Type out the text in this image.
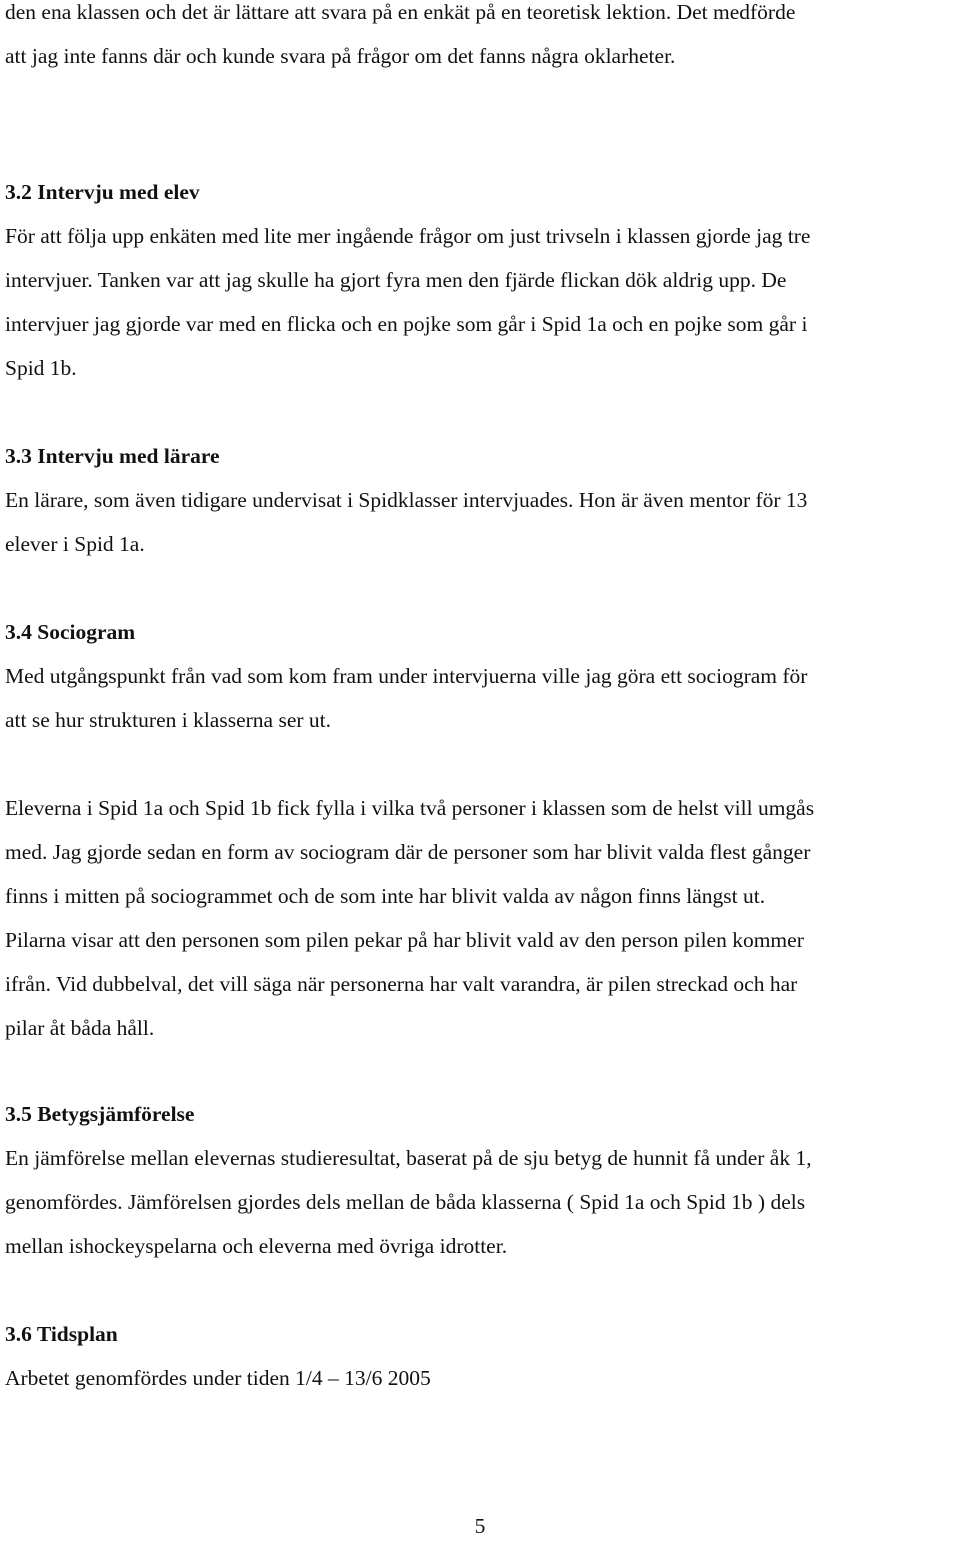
den ena klassen och det är lättare att svara på en enkät på en teoretisk lektion. Det medförde
att jag inte fanns där och kunde svara på frågor om det fanns några oklarheter.

3.2 Intervju med elev

För att följa upp enkäten med lite mer ingående frågor om just trivseln i klassen gjorde jag tre
intervjuer. Tanken var att jag skulle ha gjort fyra men den fjärde flickan dök aldrig upp. De
intervjuer jag gjorde var med en flicka och en pojke som går i Spid 1a och en pojke som går i
Spid 1b.

3.3 Intervju med lärare

En lärare, som även tidigare undervisat i Spidklasser intervjuades. Hon är även mentor för 13
elever i Spid 1a.

3.4 Sociogram

Med utgångspunkt från vad som kom fram under intervjuerna ville jag göra ett sociogram för
att se hur strukturen i klasserna ser ut.

Eleverna i Spid 1a och Spid 1b fick fylla i vilka två personer i klassen som de helst vill umgås
med. Jag gjorde sedan en form av sociogram där de personer som har blivit valda flest gånger
finns i mitten på sociogrammet och de som inte har blivit valda av någon finns längst ut.
Pilarna visar att den personen som pilen pekar på har blivit vald av den person pilen kommer
ifrån. Vid dubbelval, det vill säga när personerna har valt varandra, är pilen streckad och har
pilar åt båda håll.

3.5 Betygsjämförelse

En jämförelse mellan elevernas studieresultat, baserat på de sju betyg de hunnit få under åk 1,
genomfördes. Jämförelsen gjordes dels mellan de båda klasserna ( Spid 1a och Spid 1b ) dels
mellan ishockeyspelarna och eleverna med övriga idrotter.

3.6 Tidsplan

Arbetet genomfördes under tiden 1/4 – 13/6 2005

5
